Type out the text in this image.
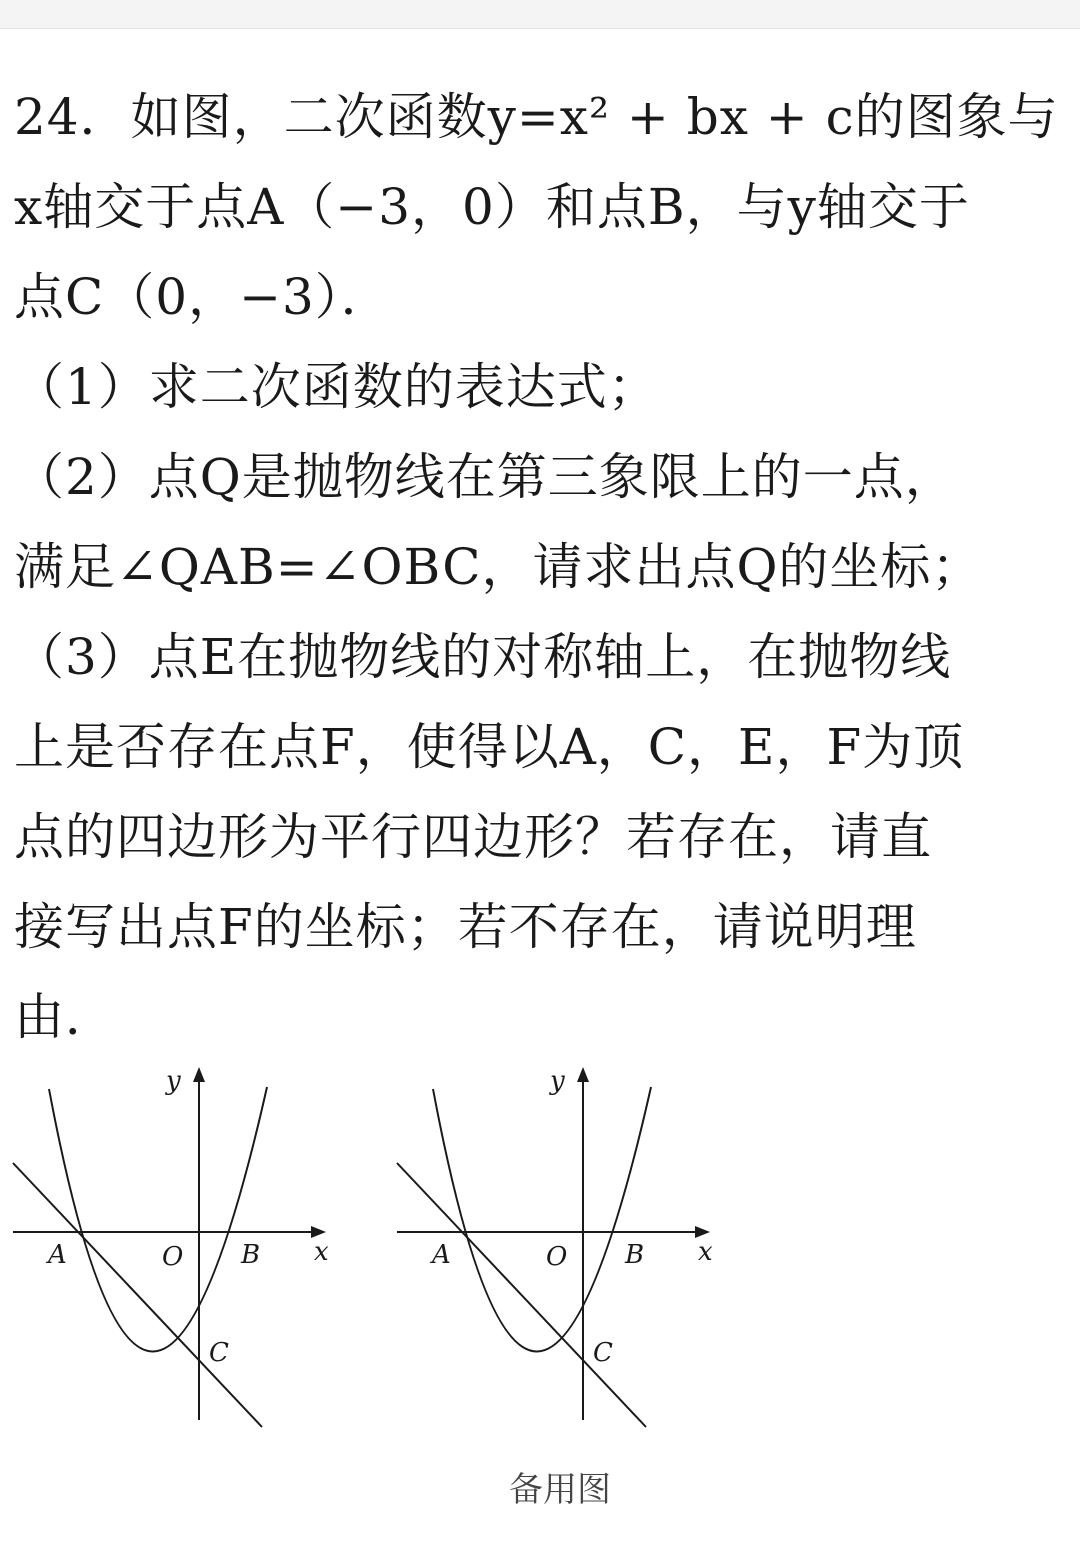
24．如图，二次函数y=x² + bx + c的图象与
x轴交于点A（−3，0）和点B，与y轴交于
点C（0，−3）．
（1）求二次函数的表达式；
（2）点Q是抛物线在第三象限上的一点，
满足∠QAB=∠OBC，请求出点Q的坐标；
（3）点E在抛物线的对称轴上，在抛物线
上是否存在点F，使得以A，C，E，F为顶
点的四边形为平行四边形？若存在，请直
接写出点F的坐标；若不存在，请说明理
由．
y
x
A	O B
C
y
x
A	O B
C
备用图
